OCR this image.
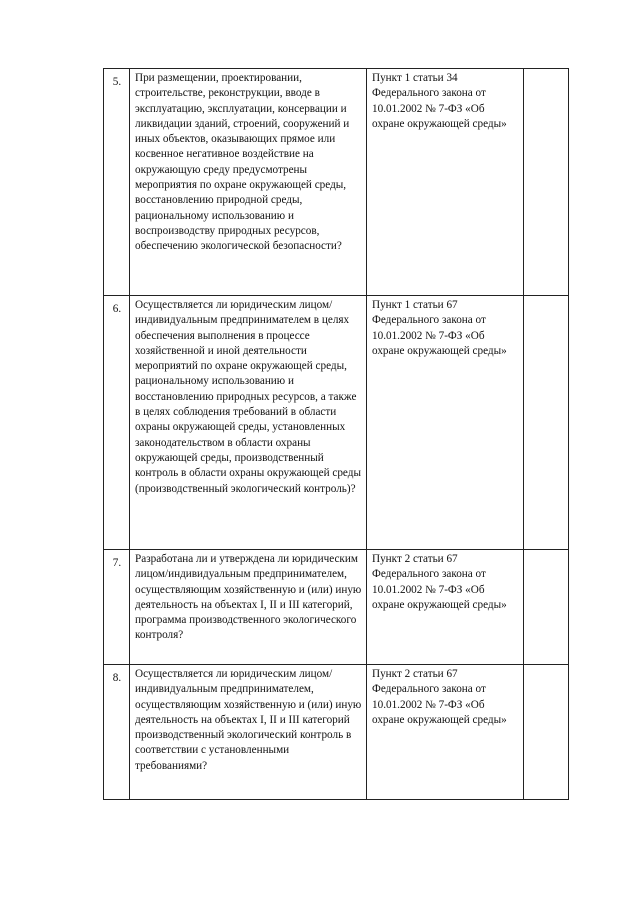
5.	При размещении, проектировании, строительстве, реконструкции, вводе в эксплуатацию, эксплуатации, консервации и ликвидации зданий, строений, сооружений и иных объектов, оказывающих прямое или косвенное негативное воздействие на окружающую среду предусмотрены мероприятия по охране окружающей среды, восстановлению природной среды, рациональному использованию и воспроизводству природных ресурсов, обеспечению экологической безопасности?	Пункт 1 статьи 34 Федерального закона от 10.01.2002 № 7-ФЗ «Об охране окружающей среды»	
6.	Осуществляется ли юридическим лицом/индивидуальным предпринимателем в целях обеспечения выполнения в процессе хозяйственной и иной деятельности мероприятий по охране окружающей среды, рациональному использованию и восстановлению природных ресурсов, а также в целях соблюдения требований в области охраны окружающей среды, установленных законодательством в области охраны окружающей среды, производственный контроль в области охраны окружающей среды (производственный экологический контроль)?	Пункт 1 статьи 67 Федерального закона от 10.01.2002 № 7-ФЗ «Об охране окружающей среды»	
7.	Разработана ли и утверждена ли юридическим лицом/индивидуальным предпринимателем, осуществляющим хозяйственную и (или) иную деятельность на объектах I, II и III категорий, программа производственного экологического контроля?	Пункт 2 статьи 67 Федерального закона от 10.01.2002 № 7-ФЗ «Об охране окружающей среды»	
8.	Осуществляется ли юридическим лицом/индивидуальным предпринимателем, осуществляющим хозяйственную и (или) иную деятельность на объектах I, II и III категорий производственный экологический контроль в соответствии с установленными требованиями?	Пункт 2 статьи 67 Федерального закона от 10.01.2002 № 7-ФЗ «Об охране окружающей среды»	
